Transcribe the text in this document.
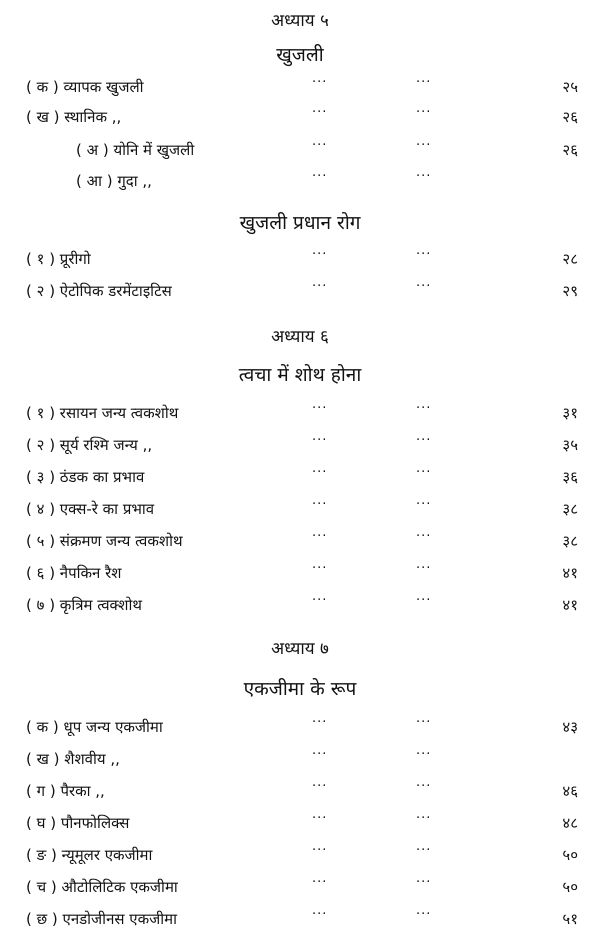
अध्याय ५
खुजली
( क ) व्यापक खुजली	···	···	२५
( ख ) स्थानिक ,,	···	···	२६
( अ ) योनि में खुजली	···	···	२६
( आ ) गुदा ,,	···	···
खुजली प्रधान रोग
( १ ) प्रूरीगो	···	···	२८
( २ ) ऐटोपिक डरमेंटाइटिस	···	···	२९
अध्याय ६
त्वचा में शोथ होना
( १ ) रसायन जन्य त्वकशोथ	···	···	३१
( २ ) सूर्य रश्मि जन्य ,,	···	···	३५
( ३ ) ठंडक का प्रभाव	···	···	३६
( ४ ) एक्स-रे का प्रभाव	···	···	३८
( ५ ) संक्रमण जन्य त्वकशोथ	···	···	३८
( ६ ) नैपकिन रैश	···	···	४१
( ७ ) कृत्रिम त्वक्शोथ	···	···	४१
अध्याय ७
एकजीमा के रूप
( क ) धूप जन्य एकजीमा	···	···	४३
( ख ) शैशवीय ,,	···	···
( ग ) पैरका ,,	···	···	४६
( घ ) पौनफोलिक्स	···	···	४८
( ङ ) न्यूमूलर एकजीमा	···	···	५०
( च ) औटोलिटिक एकजीमा	···	···	५०
( छ ) एनडोजीनस एकजीमा	···	···	५१
